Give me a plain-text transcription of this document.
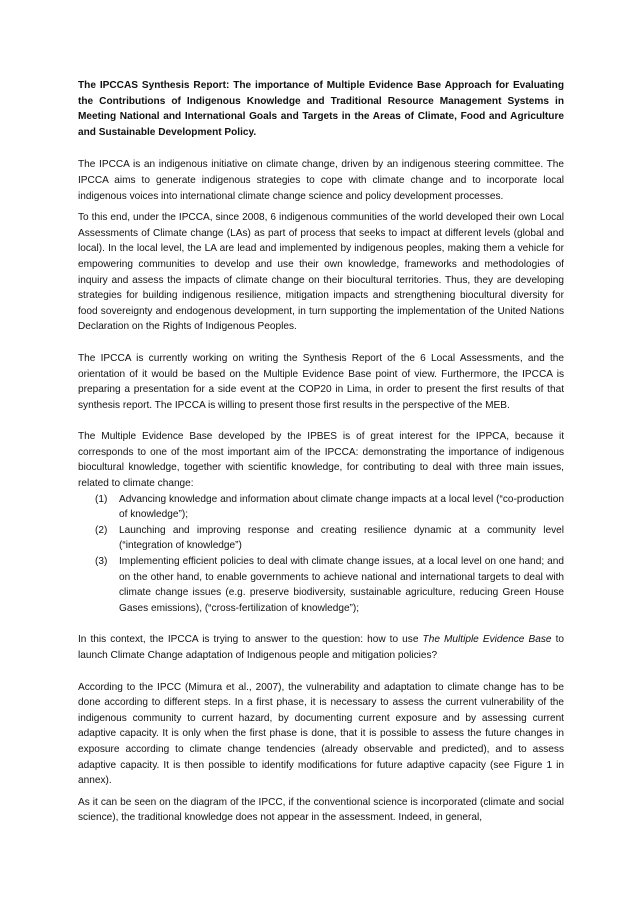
The IPCCAS Synthesis Report: The importance of Multiple Evidence Base Approach for Evaluating the Contributions of Indigenous Knowledge and Traditional Resource Management Systems in Meeting National and International Goals and Targets in the Areas of Climate, Food and Agriculture and Sustainable Development Policy.

The IPCCA is an indigenous initiative on climate change, driven by an indigenous steering committee. The IPCCA aims to generate indigenous strategies to cope with climate change and to incorporate local indigenous voices into international climate change science and policy development processes.

To this end, under the IPCCA, since 2008, 6 indigenous communities of the world developed their own Local Assessments of Climate change (LAs) as part of process that seeks to impact at different levels (global and local). In the local level, the LA are lead and implemented by indigenous peoples, making them a vehicle for empowering communities to develop and use their own knowledge, frameworks and methodologies of inquiry and assess the impacts of climate change on their biocultural territories. Thus, they are developing strategies for building indigenous resilience, mitigation impacts and strengthening biocultural diversity for food sovereignty and endogenous development, in turn supporting the implementation of the United Nations Declaration on the Rights of Indigenous Peoples.

The IPCCA is currently working on writing the Synthesis Report of the 6 Local Assessments, and the orientation of it would be based on the Multiple Evidence Base point of view. Furthermore, the IPCCA is preparing a presentation for a side event at the COP20 in Lima, in order to present the first results of that synthesis report. The IPCCA is willing to present those first results in the perspective of the MEB.

The Multiple Evidence Base developed by the IPBES is of great interest for the IPPCA, because it corresponds to one of the most important aim of the IPCCA: demonstrating the importance of indigenous biocultural knowledge, together with scientific knowledge, for contributing to deal with three main issues, related to climate change:

(1) Advancing knowledge and information about climate change impacts at a local level (“co-production of knowledge”);
(2) Launching and improving response and creating resilience dynamic at a community level (“integration of knowledge”)
(3) Implementing efficient policies to deal with climate change issues, at a local level on one hand; and on the other hand, to enable governments to achieve national and international targets to deal with climate change issues (e.g. preserve biodiversity, sustainable agriculture, reducing Green House Gases emissions), (“cross-fertilization of knowledge”);

In this context, the IPCCA is trying to answer to the question: how to use The Multiple Evidence Base to launch Climate Change adaptation of Indigenous people and mitigation policies?

According to the IPCC (Mimura et al., 2007), the vulnerability and adaptation to climate change has to be done according to different steps. In a first phase, it is necessary to assess the current vulnerability of the indigenous community to current hazard, by documenting current exposure and by assessing current adaptive capacity. It is only when the first phase is done, that it is possible to assess the future changes in exposure according to climate change tendencies (already observable and predicted), and to assess adaptive capacity. It is then possible to identify modifications for future adaptive capacity (see Figure 1 in annex).

As it can be seen on the diagram of the IPCC, if the conventional science is incorporated (climate and social science), the traditional knowledge does not appear in the assessment. Indeed, in general,
